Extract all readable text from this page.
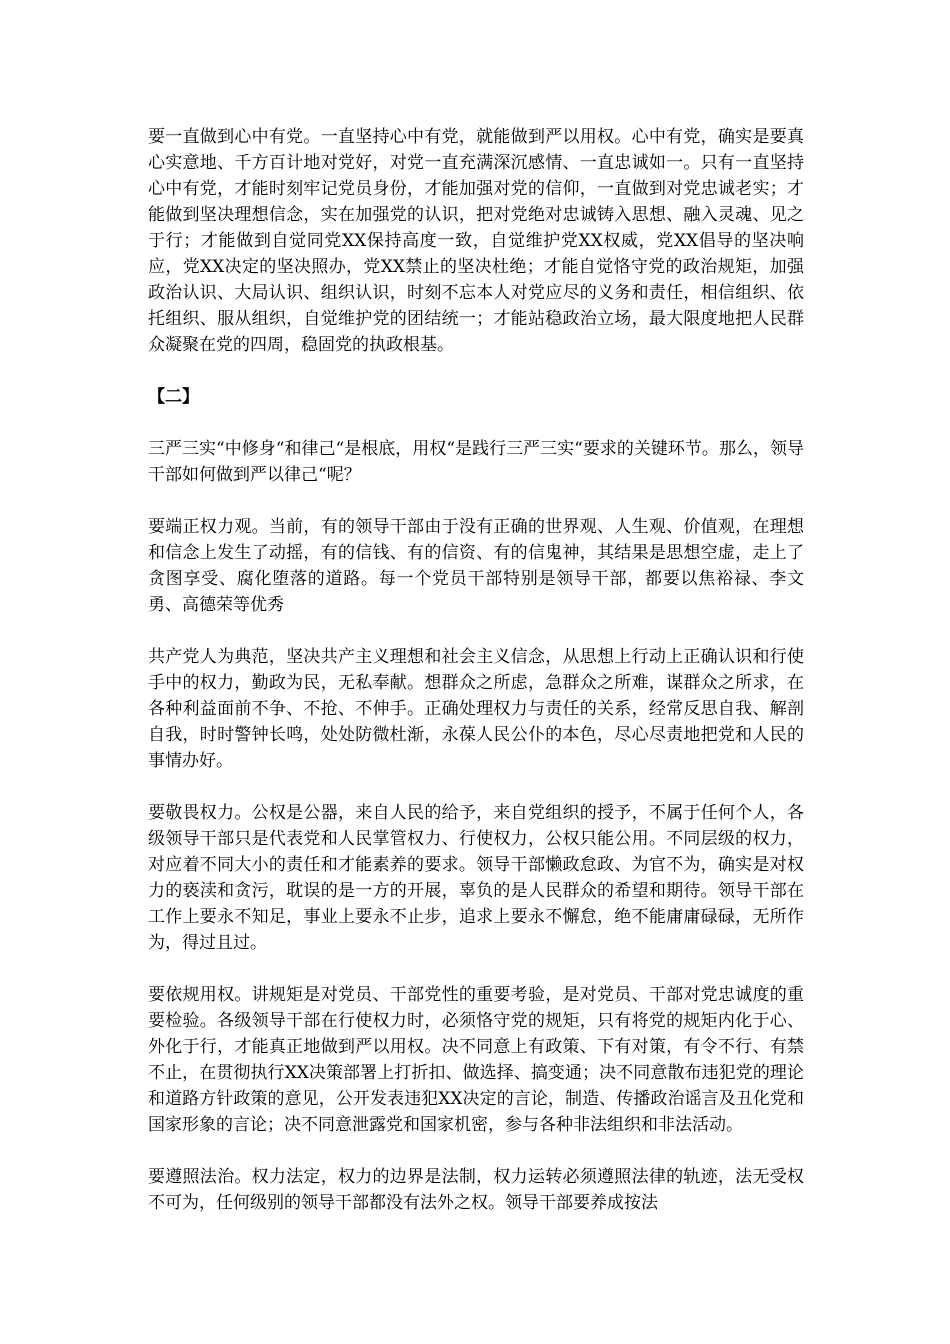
要一直做到心中有党。一直坚持心中有党，就能做到严以用权。心中有党，确实是要真心实意地、千方百计地对党好，对党一直充满深沉感情、一直忠诚如一。只有一直坚持心中有党，才能时刻牢记党员身份，才能加强对党的信仰，一直做到对党忠诚老实；才能做到坚决理想信念，实在加强党的认识，把对党绝对忠诚铸入思想、融入灵魂、见之于行；才能做到自觉同党XX保持高度一致，自觉维护党XX权威，党XX倡导的坚决响应，党XX决定的坚决照办，党XX禁止的坚决杜绝；才能自觉恪守党的政治规矩，加强政治认识、大局认识、组织认识，时刻不忘本人对党应尽的义务和责任，相信组织、依托组织、服从组织，自觉维护党的团结统一；才能站稳政治立场，最大限度地把人民群众凝聚在党的四周，稳固党的执政根基。

【二】

三严三实“中修身“和律己“是根底，用权“是践行三严三实“要求的关键环节。那么，领导干部如何做到严以律己“呢？

要端正权力观。当前，有的领导干部由于没有正确的世界观、人生观、价值观，在理想和信念上发生了动摇，有的信钱、有的信资、有的信鬼神，其结果是思想空虚，走上了贪图享受、腐化堕落的道路。每一个党员干部特别是领导干部，都要以焦裕禄、李文勇、高德荣等优秀

共产党人为典范，坚决共产主义理想和社会主义信念，从思想上行动上正确认识和行使手中的权力，勤政为民，无私奉献。想群众之所虑，急群众之所难，谋群众之所求，在各种利益面前不争、不抢、不伸手。正确处理权力与责任的关系，经常反思自我、解剖自我，时时警钟长鸣，处处防微杜渐，永葆人民公仆的本色，尽心尽责地把党和人民的事情办好。

要敬畏权力。公权是公器，来自人民的给予，来自党组织的授予，不属于任何个人，各级领导干部只是代表党和人民掌管权力、行使权力，公权只能公用。不同层级的权力，对应着不同大小的责任和才能素养的要求。领导干部懒政怠政、为官不为，确实是对权力的亵渎和贪污，耽误的是一方的开展，辜负的是人民群众的希望和期待。领导干部在工作上要永不知足，事业上要永不止步，追求上要永不懈怠，绝不能庸庸碌碌，无所作为，得过且过。

要依规用权。讲规矩是对党员、干部党性的重要考验，是对党员、干部对党忠诚度的重要检验。各级领导干部在行使权力时，必须恪守党的规矩，只有将党的规矩内化于心、外化于行，才能真正地做到严以用权。决不同意上有政策、下有对策，有令不行、有禁不止，在贯彻执行XX决策部署上打折扣、做选择、搞变通；决不同意散布违犯党的理论和道路方针政策的意见，公开发表违犯XX决定的言论，制造、传播政治谣言及丑化党和国家形象的言论；决不同意泄露党和国家机密，参与各种非法组织和非法活动。

要遵照法治。权力法定，权力的边界是法制，权力运转必须遵照法律的轨迹，法无受权不可为，任何级别的领导干部都没有法外之权。领导干部要养成按法
